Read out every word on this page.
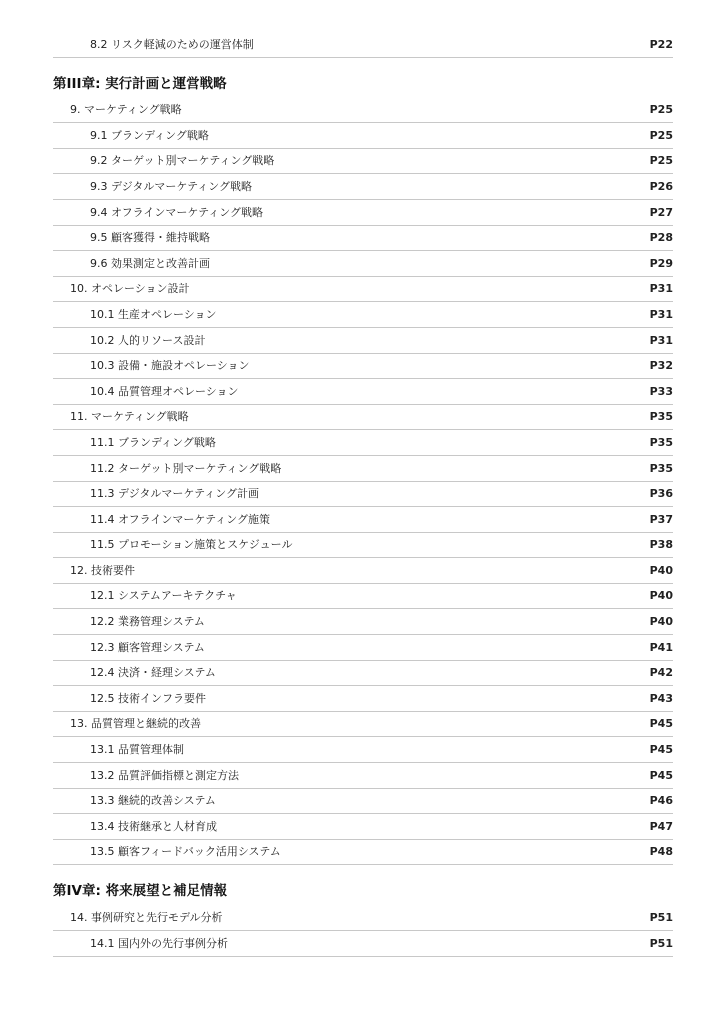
8.2 リスク軽減のための運営体制	P22
第III章: 実行計画と運営戦略
9. マーケティング戦略	P25
9.1 ブランディング戦略	P25
9.2 ターゲット別マーケティング戦略	P25
9.3 デジタルマーケティング戦略	P26
9.4 オフラインマーケティング戦略	P27
9.5 顧客獲得・維持戦略	P28
9.6 効果測定と改善計画	P29
10. オペレーション設計	P31
10.1 生産オペレーション	P31
10.2 人的リソース設計	P31
10.3 設備・施設オペレーション	P32
10.4 品質管理オペレーション	P33
11. マーケティング戦略	P35
11.1 ブランディング戦略	P35
11.2 ターゲット別マーケティング戦略	P35
11.3 デジタルマーケティング計画	P36
11.4 オフラインマーケティング施策	P37
11.5 プロモーション施策とスケジュール	P38
12. 技術要件	P40
12.1 システムアーキテクチャ	P40
12.2 業務管理システム	P40
12.3 顧客管理システム	P41
12.4 決済・経理システム	P42
12.5 技術インフラ要件	P43
13. 品質管理と継続的改善	P45
13.1 品質管理体制	P45
13.2 品質評価指標と測定方法	P45
13.3 継続的改善システム	P46
13.4 技術継承と人材育成	P47
13.5 顧客フィードバック活用システム	P48
第IV章: 将来展望と補足情報
14. 事例研究と先行モデル分析	P51
14.1 国内外の先行事例分析	P51
